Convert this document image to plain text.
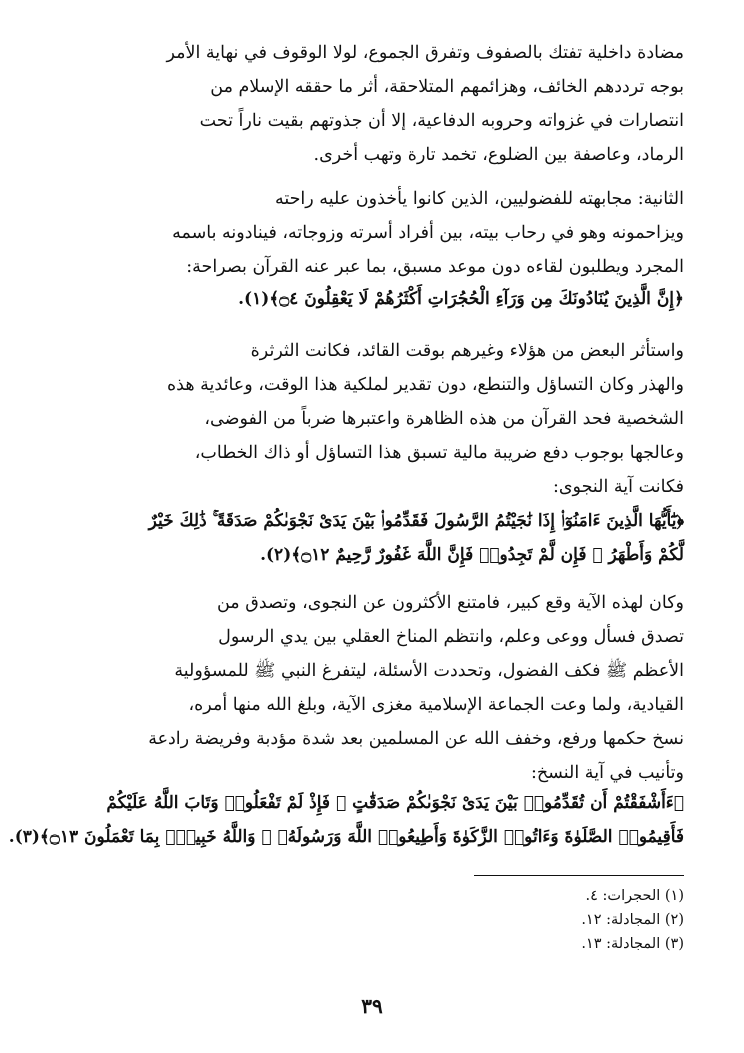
مضادة داخلية تفتك بالصفوف وتفرق الجموع، لولا الوقوف في نهاية الأمر
بوجه ترددهم الخائف، وهزائمهم المتلاحقة، أثر ما حققه الإسلام من
انتصارات في غزواته وحروبه الدفاعية، إلا أن جذوتهم بقيت ناراً تحت
الرماد، وعاصفة بين الضلوع، تخمد تارة وتهب أخرى.
الثانية: مجابهته للفضوليين، الذين كانوا يأخذون عليه راحته
ويزاحمونه وهو في رحاب بيته، بين أفراد أسرته وزوجاته، فينادونه باسمه
المجرد ويطلبون لقاءه دون موعد مسبق، بما عبر عنه القرآن بصراحة:
﴿إِنَّ الَّذِينَ يُنَادُونَكَ مِن وَرَآءِ الْحُجُرَاتِ أَكْثَرُهُمْ لَا يَعْقِلُونَ ۝٤﴾(١).
واستأثر البعض من هؤلاء وغيرهم بوقت القائد، فكانت الثرثرة
والهذر وكان التساؤل والتنطع، دون تقدير لملكية هذا الوقت، وعائدية هذه
الشخصية فحد القرآن من هذه الظاهرة واعتبرها ضرباً من الفوضى،
وعالجها بوجوب دفع ضريبة مالية تسبق هذا التساؤل أو ذاك الخطاب،
فكانت آية النجوى:
﴿يَٰٓأَيُّهَا الَّذِينَ ءَامَنُوٓا۟ إِذَا نَٰجَيْتُمُ الرَّسُولَ فَقَدِّمُوا۟ بَيْنَ يَدَىْ نَجْوَىٰكُمْ صَدَقَةً ۚ ذَٰلِكَ خَيْرٌ
لَّكُمْ وَأَطْهَرُ ۚ فَإِن لَّمْ تَجِدُوا۟ فَإِنَّ اللَّهَ غَفُورٌ رَّحِيمٌ ۝١٢﴾(٢).
وكان لهذه الآية وقع كبير، فامتنع الأكثرون عن النجوى، وتصدق من
تصدق فسأل ووعى وعلم، وانتظم المناخ العقلي بين يدي الرسول
الأعظم ﷺ فكف الفضول، وتحددت الأسئلة، ليتفرغ النبي ﷺ للمسؤولية
القيادية، ولما وعت الجماعة الإسلامية مغزى الآية، وبلغ الله منها أمره،
نسخ حكمها ورفع، وخفف الله عن المسلمين بعد شدة مؤدبة وفريضة رادعة
وتأنيب في آية النسخ:
﴿ءَأَشْفَقْتُمْ أَن تُقَدِّمُوا۟ بَيْنَ يَدَىْ نَجْوَىٰكُمْ صَدَقَٰتٍ ۚ فَإِذْ لَمْ تَفْعَلُوا۟ وَتَابَ اللَّهُ عَلَيْكُمْ
فَأَقِيمُوا۟ الصَّلَوٰةَ وَءَاتُوا۟ الزَّكَوٰةَ وَأَطِيعُوا۟ اللَّهَ وَرَسُولَهُۥ ۚ وَاللَّهُ خَبِيرٌۢ بِمَا تَعْمَلُونَ ۝١٣﴾(٣).
(١) الحجرات: ٤.
(٢) المجادلة: ١٢.
(٣) المجادلة: ١٣.
٣٩
